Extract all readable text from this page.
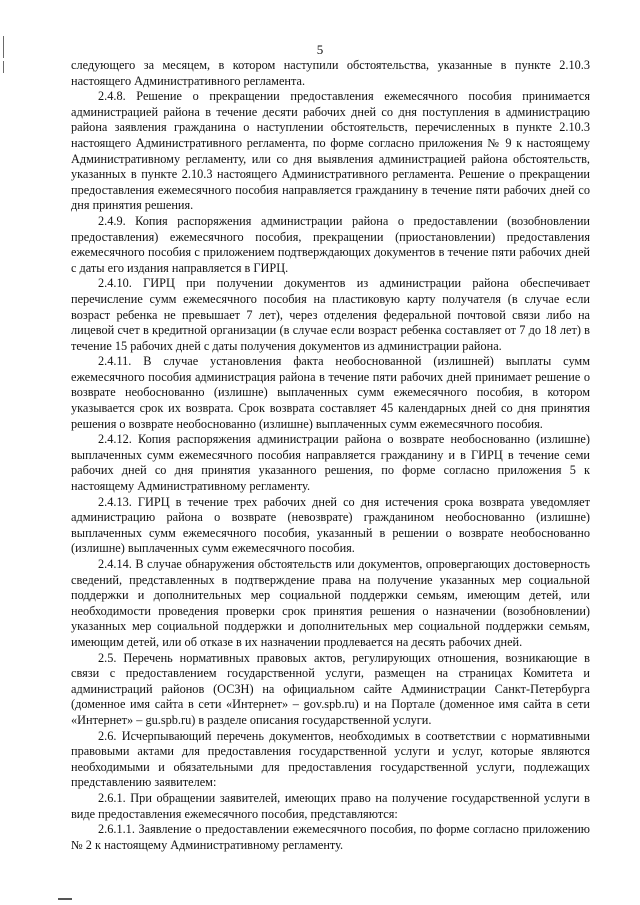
5

следующего за месяцем, в котором наступили обстоятельства, указанные в пункте 2.10.3 настоящего Административного регламента.

2.4.8. Решение о прекращении предоставления ежемесячного пособия принимается администрацией района в течение десяти рабочих дней со дня поступления в администрацию района заявления гражданина о наступлении обстоятельств, перечисленных в пункте 2.10.3 настоящего Административного регламента, по форме согласно приложения № 9 к настоящему Административному регламенту, или со дня выявления администрацией района обстоятельств, указанных в пункте 2.10.3 настоящего Административного регламента. Решение о прекращении предоставления ежемесячного пособия направляется гражданину в течение пяти рабочих дней со дня принятия решения.

2.4.9. Копия распоряжения администрации района о предоставлении (возобновлении предоставления) ежемесячного пособия, прекращении (приостановлении) предоставления ежемесячного пособия с приложением подтверждающих документов в течение пяти рабочих дней с даты его издания направляется в ГИРЦ.

2.4.10. ГИРЦ при получении документов из администрации района обеспечивает перечисление сумм ежемесячного пособия на пластиковую карту получателя (в случае если возраст ребенка не превышает 7 лет), через отделения федеральной почтовой связи либо на лицевой счет в кредитной организации (в случае если возраст ребенка составляет от 7 до 18 лет) в течение 15 рабочих дней с даты получения документов из администрации района.

2.4.11. В случае установления факта необоснованной (излишней) выплаты сумм ежемесячного пособия администрация района в течение пяти рабочих дней принимает решение о возврате необоснованно (излишне) выплаченных сумм ежемесячного пособия, в котором указывается срок их возврата. Срок возврата составляет 45 календарных дней со дня принятия решения о возврате необоснованно (излишне) выплаченных сумм ежемесячного пособия.

2.4.12. Копия распоряжения администрации района о возврате необоснованно (излишне) выплаченных сумм ежемесячного пособия направляется гражданину и в ГИРЦ в течение семи рабочих дней со дня принятия указанного решения, по форме согласно приложения 5 к настоящему Административному регламенту.

2.4.13. ГИРЦ в течение трех рабочих дней со дня истечения срока возврата уведомляет администрацию района о возврате (невозврате) гражданином необоснованно (излишне) выплаченных сумм ежемесячного пособия, указанный в решении о возврате необоснованно (излишне) выплаченных сумм ежемесячного пособия.

2.4.14. В случае обнаружения обстоятельств или документов, опровергающих достоверность сведений, представленных в подтверждение права на получение указанных мер социальной поддержки и дополнительных мер социальной поддержки семьям, имеющим детей, или необходимости проведения проверки срок принятия решения о назначении (возобновлении) указанных мер социальной поддержки и дополнительных мер социальной поддержки семьям, имеющим детей, или об отказе в их назначении продлевается на десять рабочих дней.

2.5. Перечень нормативных правовых актов, регулирующих отношения, возникающие в связи с предоставлением государственной услуги, размещен на страницах Комитета и администраций районов (ОСЗН) на официальном сайте Администрации Санкт-Петербурга (доменное имя сайта в сети «Интернет» – gov.spb.ru) и на Портале (доменное имя сайта в сети «Интернет» – gu.spb.ru) в разделе описания государственной услуги.

2.6. Исчерпывающий перечень документов, необходимых в соответствии с нормативными правовыми актами для предоставления государственной услуги и услуг, которые являются необходимыми и обязательными для предоставления государственной услуги, подлежащих представлению заявителем:

2.6.1. При обращении заявителей, имеющих право на получение государственной услуги в виде предоставления ежемесячного пособия, представляются:

2.6.1.1. Заявление о предоставлении ежемесячного пособия, по форме согласно приложению № 2 к настоящему Административному регламенту.
